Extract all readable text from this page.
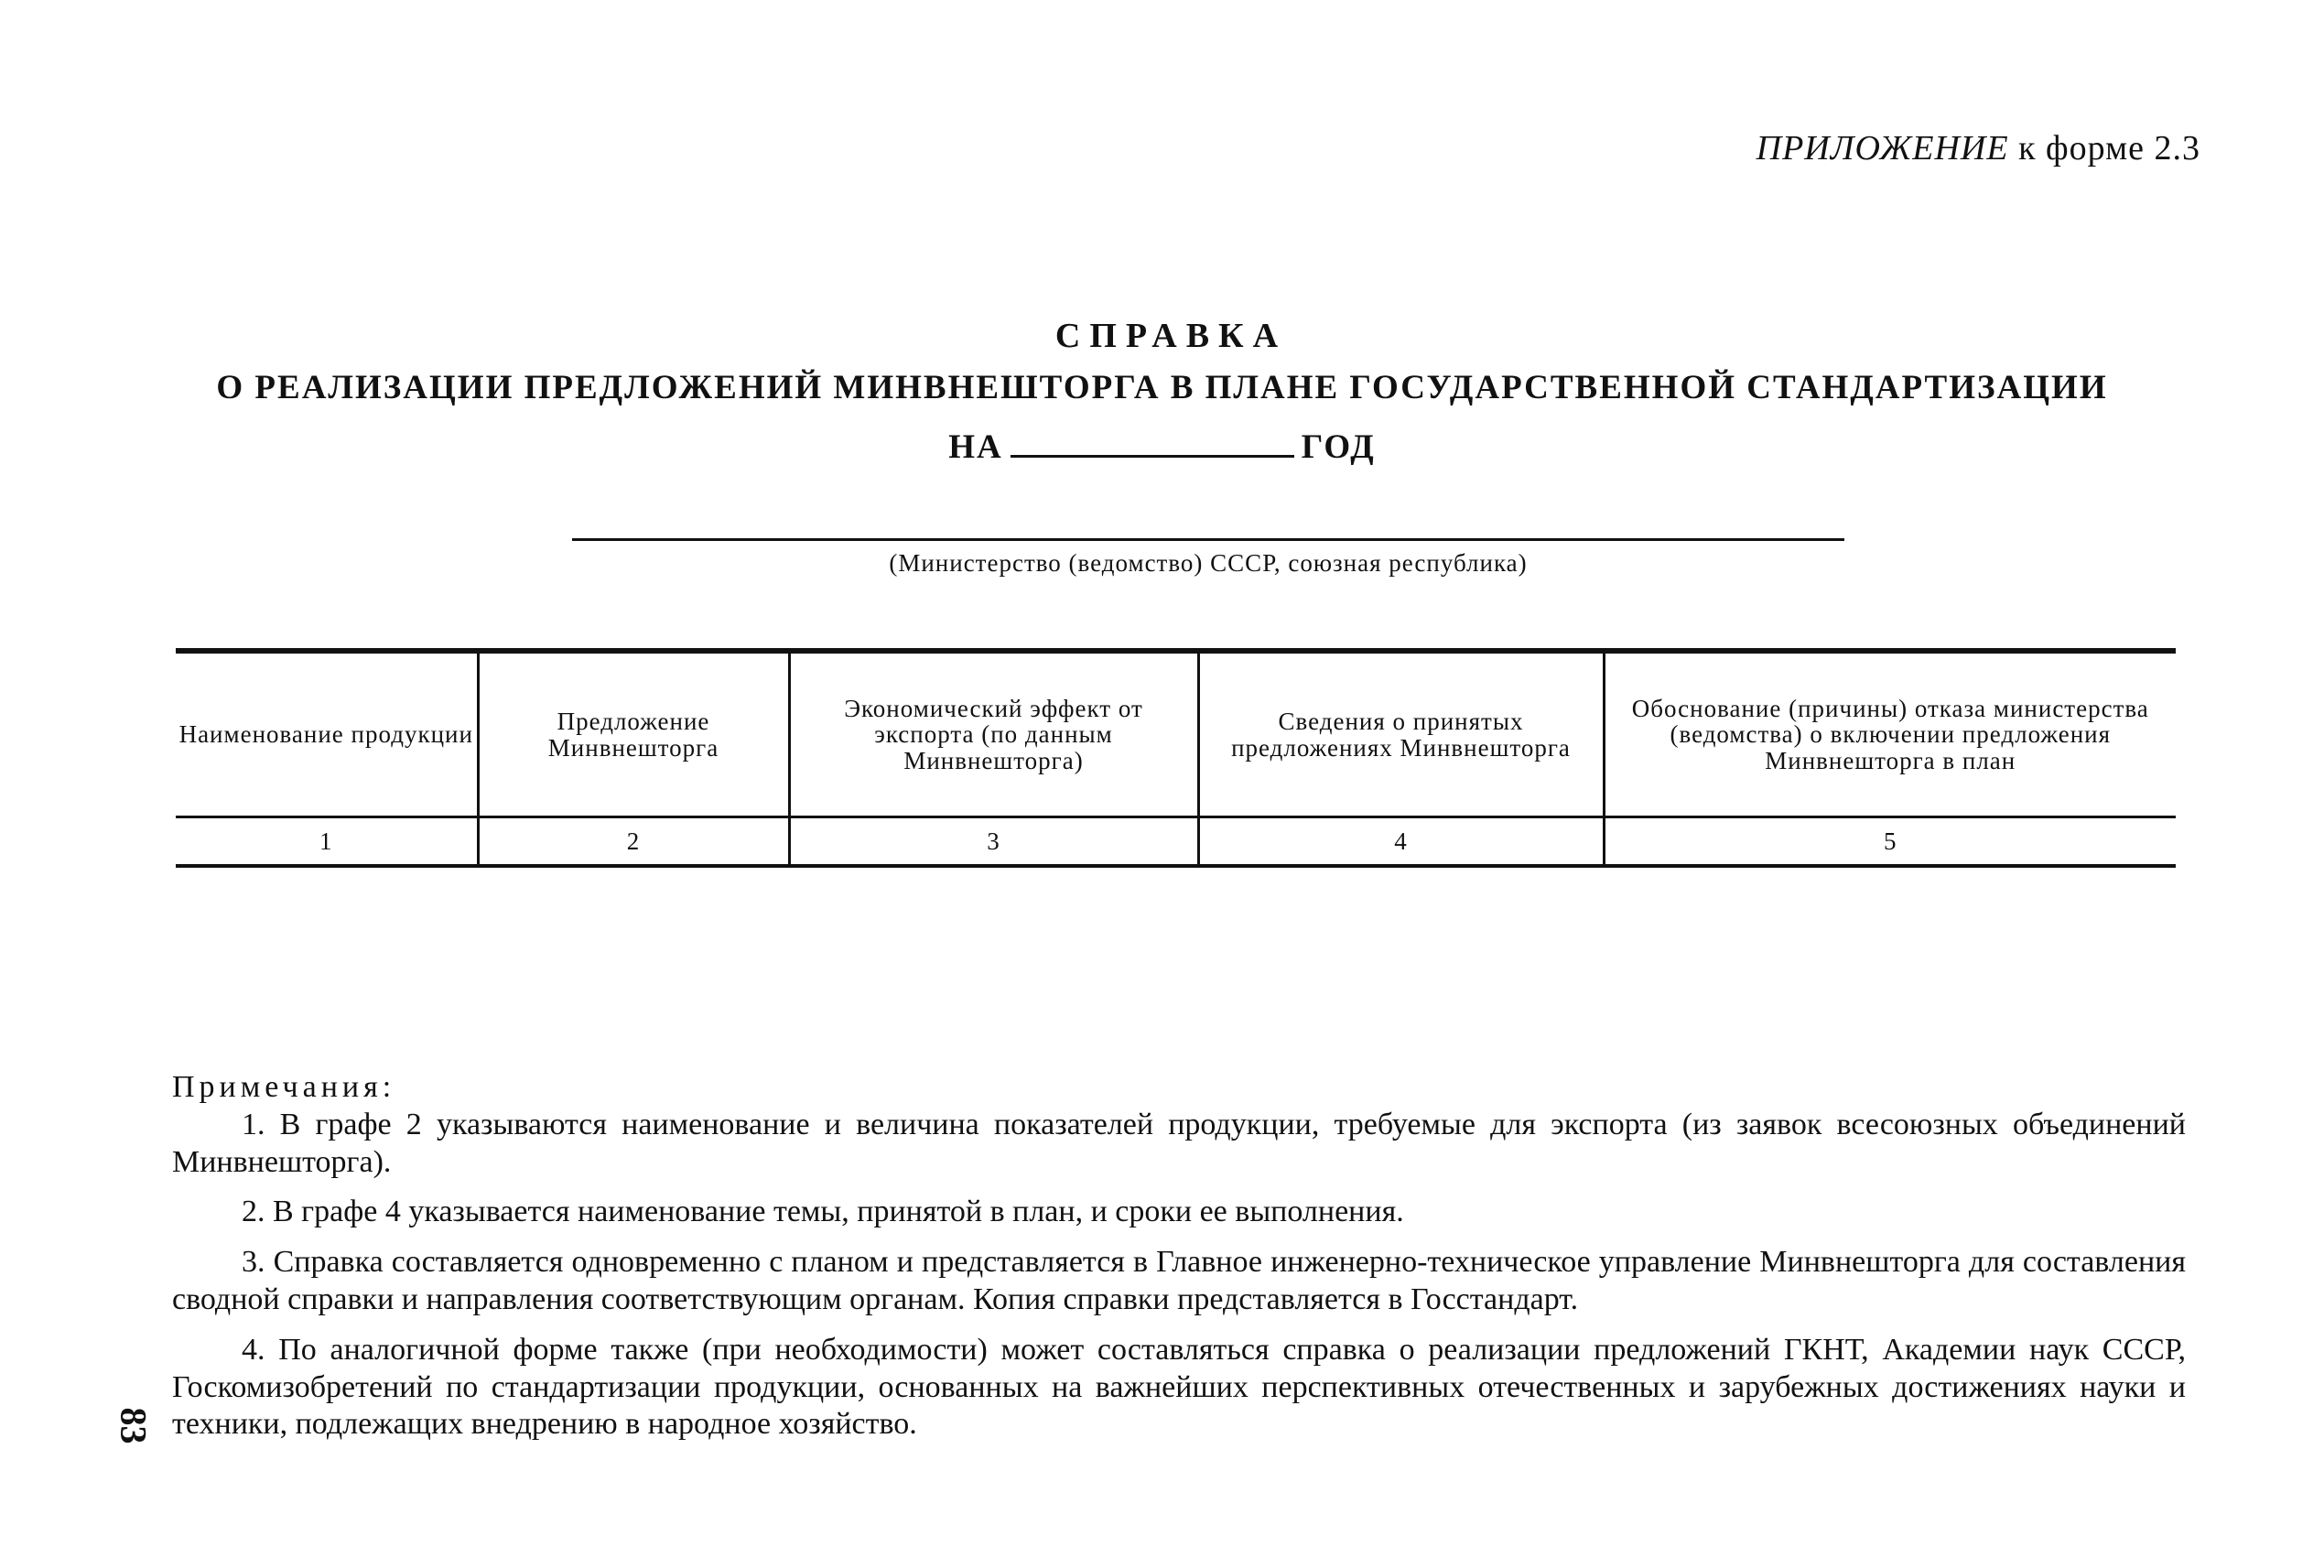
ПРИЛОЖЕНИЕ к форме 2.3
СПРАВКА
О РЕАЛИЗАЦИИ ПРЕДЛОЖЕНИЙ МИНВНЕШТОРГА В ПЛАНЕ ГОСУДАРСТВЕННОЙ СТАНДАРТИЗАЦИИ
НА	ГОД
(Министерство (ведомство) СССР, союзная республика)
Наименование продукции	Предложение Минвнешторга	Экономический эффект от экспорта (по данным Минвнешторга)	Сведения о принятых предложениях Минвнешторга	Обоснование (причины) отказа министерства (ведомства) о включении предложения Минвнешторга в план
1	2	3	4	5
Примечания:

1. В графе 2 указываются наименование и величина показателей продукции, требуемые для экспорта (из заявок всесоюзных объединений Минвнешторга).

2. В графе 4 указывается наименование темы, принятой в план, и сроки ее выполнения.

3. Справка составляется одновременно с планом и представляется в Главное инженерно-техническое управление Минвнешторга для составления сводной справки и направления соответствующим органам. Копия справки представляется в Госстандарт.

4. По аналогичной форме также (при необходимости) может составляться справка о реализации предложений ГКНТ, Академии наук СССР, Госкомизобретений по стандартизации продукции, основанных на важнейших перспективных отечественных и зарубежных достижениях науки и техники, подлежащих внедрению в народное хозяйство.

83
